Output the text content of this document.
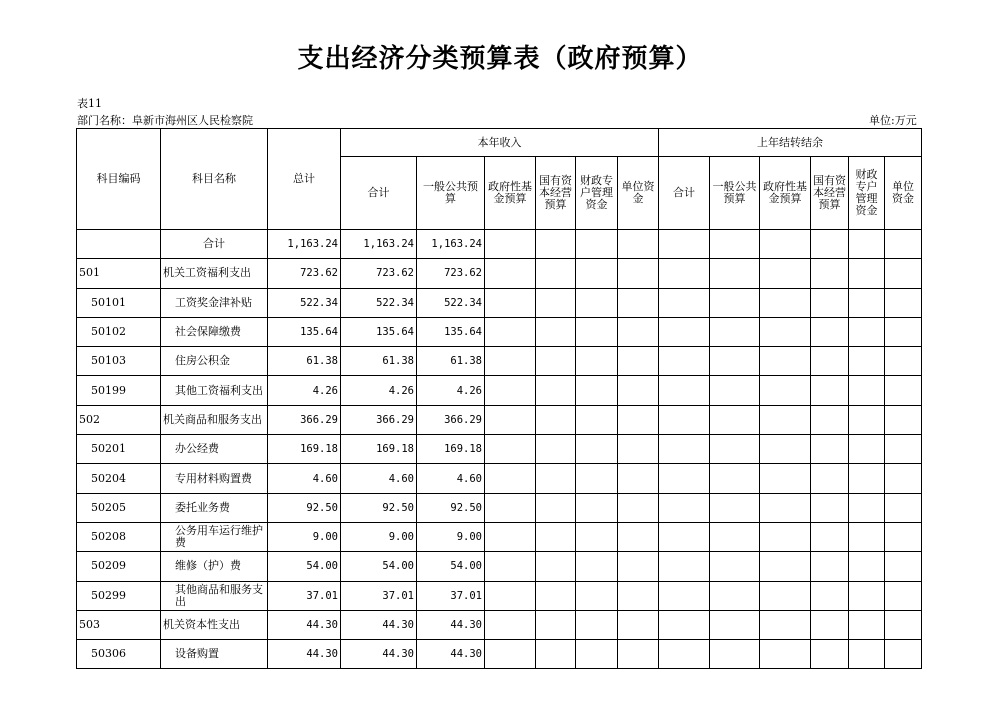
支出经济分类预算表（政府预算）
表11
部门名称：阜新市海州区人民检察院	单位:万元
科目编码	科目名称	总计	本年收入						上年结转结余					
			合计	一般公共预算	政府性基金预算	国有资本经营预算	财政专户管理资金	单位资金	合计	一般公共预算	政府性基金预算	国有资本经营预算	财政专户管理资金	单位资金
	合计	1,163.24	1,163.24	1,163.24										
501	机关工资福利支出	723.62	723.62	723.62										
50101	工资奖金津补贴	522.34	522.34	522.34										
50102	社会保障缴费	135.64	135.64	135.64										
50103	住房公积金	61.38	61.38	61.38										
50199	其他工资福利支出	4.26	4.26	4.26										
502	机关商品和服务支出	366.29	366.29	366.29										
50201	办公经费	169.18	169.18	169.18										
50204	专用材料购置费	4.60	4.60	4.60										
50205	委托业务费	92.50	92.50	92.50										
50208	公务用车运行维护费	9.00	9.00	9.00										
50209	维修（护）费	54.00	54.00	54.00										
50299	其他商品和服务支出	37.01	37.01	37.01										
503	机关资本性支出	44.30	44.30	44.30										
50306	设备购置	44.30	44.30	44.30										
